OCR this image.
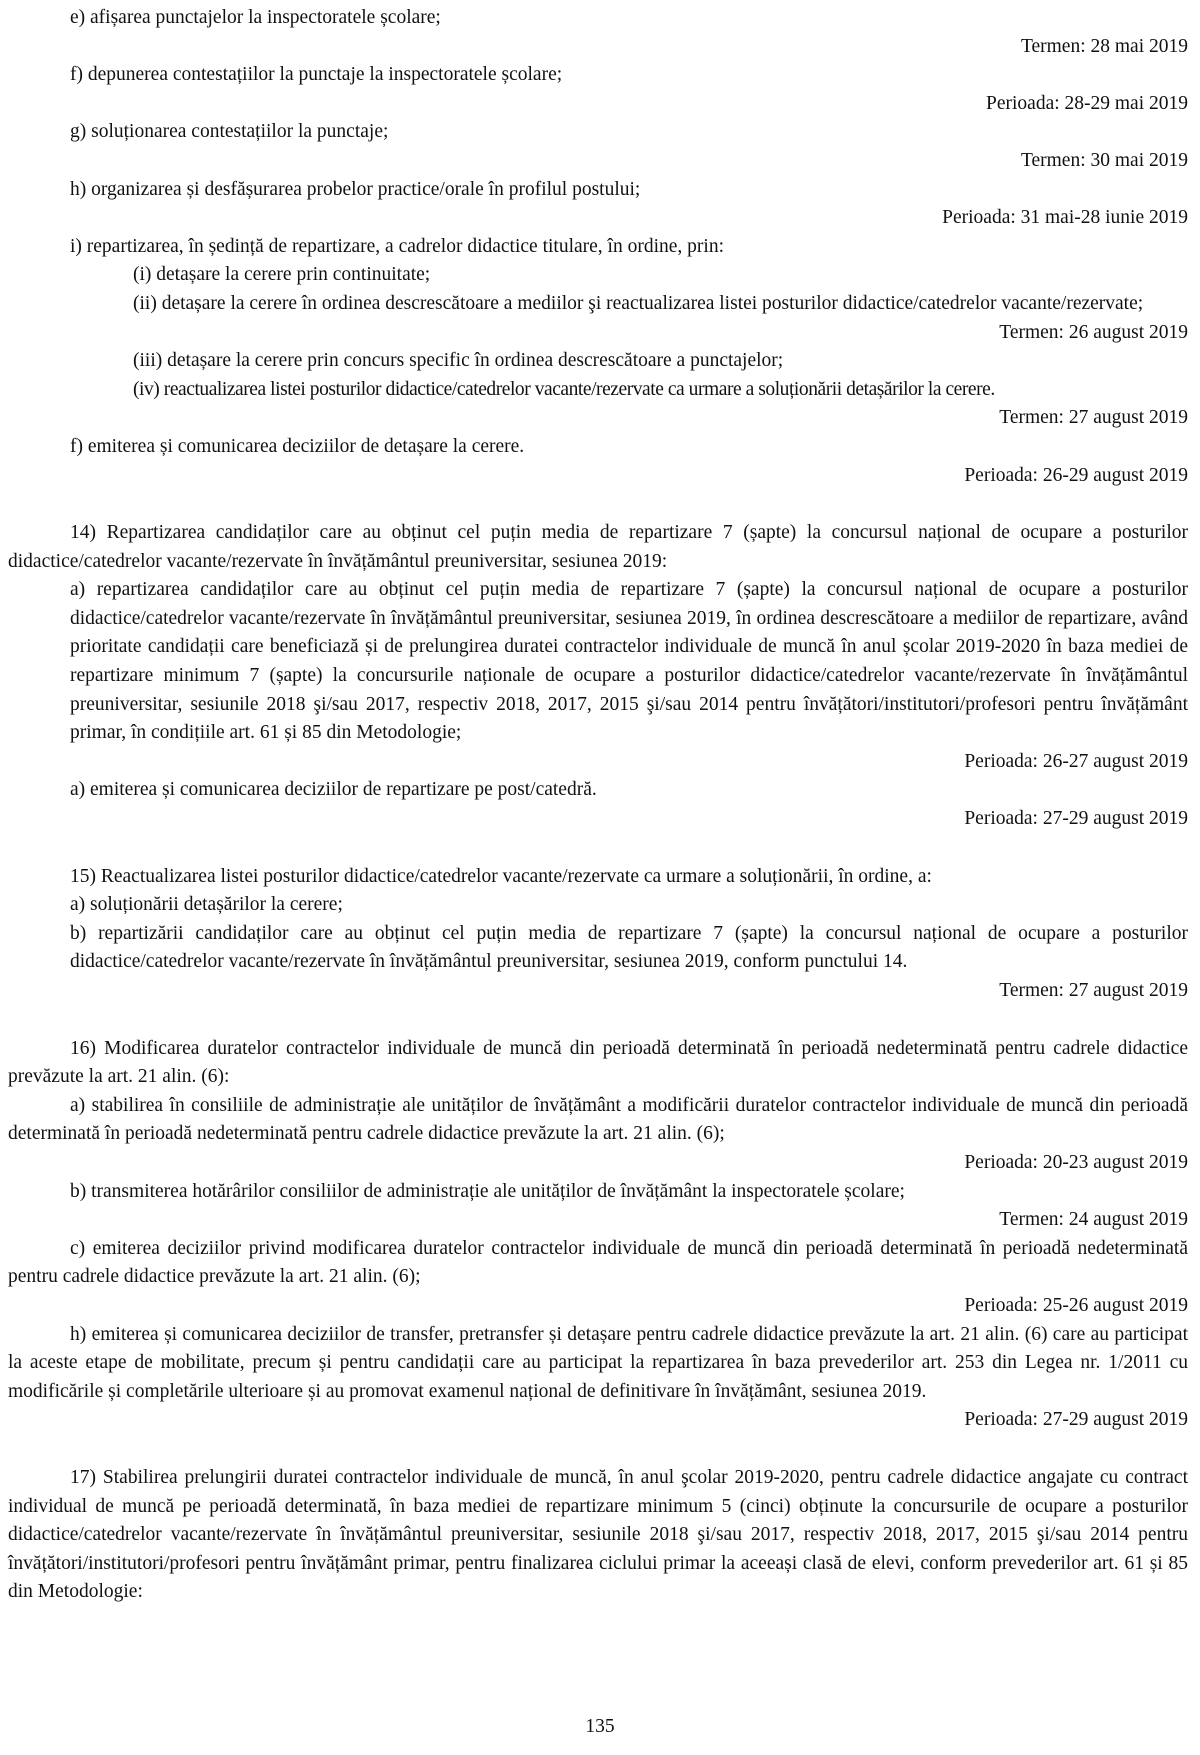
e) afișarea punctajelor la inspectoratele școlare;

Termen: 28 mai 2019

f) depunerea contestațiilor la punctaje la inspectoratele școlare;

Perioada: 28-29 mai 2019

g) soluționarea contestațiilor la punctaje;

Termen: 30 mai 2019

h) organizarea și desfășurarea probelor practice/orale în profilul postului;

Perioada: 31 mai-28 iunie 2019

i) repartizarea, în ședință de repartizare, a cadrelor didactice titulare, în ordine, prin:

(i) detașare la cerere prin continuitate;

(ii) detașare la cerere în ordinea descrescătoare a mediilor şi reactualizarea listei posturilor didactice/catedrelor vacante/rezervate;

Termen: 26 august 2019

(iii) detașare la cerere prin concurs specific în ordinea descrescătoare a punctajelor;

(iv) reactualizarea listei posturilor didactice/catedrelor vacante/rezervate ca urmare a soluționării detașărilor la cerere.

Termen: 27 august 2019

f) emiterea și comunicarea deciziilor de detașare la cerere.

Perioada: 26-29 august 2019

14) Repartizarea candidaților care au obținut cel puțin media de repartizare 7 (șapte) la concursul național de ocupare a posturilor didactice/catedrelor vacante/rezervate în învățământul preuniversitar, sesiunea 2019:

a) repartizarea candidaților care au obținut cel puțin media de repartizare 7 (șapte) la concursul național de ocupare a posturilor didactice/catedrelor vacante/rezervate în învățământul preuniversitar, sesiunea 2019, în ordinea descrescătoare a mediilor de repartizare, având prioritate candidații care beneficiază și de prelungirea duratei contractelor individuale de muncă în anul școlar 2019-2020 în baza mediei de repartizare minimum 7 (șapte) la concursurile naționale de ocupare a posturilor didactice/catedrelor vacante/rezervate în învățământul preuniversitar, sesiunile 2018 şi/sau 2017, respectiv 2018, 2017, 2015 şi/sau 2014 pentru învățători/institutori/profesori pentru învățământ primar, în condițiile art. 61 și 85 din Metodologie;

Perioada: 26-27 august 2019

a) emiterea și comunicarea deciziilor de repartizare pe post/catedră.

Perioada: 27-29 august 2019

15) Reactualizarea listei posturilor didactice/catedrelor vacante/rezervate ca urmare a soluționării, în ordine, a:

a) soluționării detașărilor la cerere;

b) repartizării candidaților care au obținut cel puțin media de repartizare 7 (șapte) la concursul național de ocupare a posturilor didactice/catedrelor vacante/rezervate în învățământul preuniversitar, sesiunea 2019, conform punctului 14.

Termen: 27 august 2019

16) Modificarea duratelor contractelor individuale de muncă din perioadă determinată în perioadă nedeterminată pentru cadrele didactice prevăzute la art. 21 alin. (6):

a) stabilirea în consiliile de administrație ale unităților de învățământ a modificării duratelor contractelor individuale de muncă din perioadă determinată în perioadă nedeterminată pentru cadrele didactice prevăzute la art. 21 alin. (6);

Perioada: 20-23 august 2019

b) transmiterea hotărârilor consiliilor de administrație ale unităților de învățământ la inspectoratele școlare;

Termen: 24 august 2019

c) emiterea deciziilor privind modificarea duratelor contractelor individuale de muncă din perioadă determinată în perioadă nedeterminată pentru cadrele didactice prevăzute la art. 21 alin. (6);

Perioada: 25-26 august 2019

h) emiterea și comunicarea deciziilor de transfer, pretransfer și detașare pentru cadrele didactice prevăzute la art. 21 alin. (6) care au participat la aceste etape de mobilitate, precum și pentru candidații care au participat la repartizarea în baza prevederilor art. 253 din Legea nr. 1/2011 cu modificările și completările ulterioare și au promovat examenul național de definitivare în învățământ, sesiunea 2019.

Perioada: 27-29 august 2019

17) Stabilirea prelungirii duratei contractelor individuale de muncă, în anul şcolar 2019-2020, pentru cadrele didactice angajate cu contract individual de muncă pe perioadă determinată, în baza mediei de repartizare minimum 5 (cinci) obținute la concursurile de ocupare a posturilor didactice/catedrelor vacante/rezervate în învățământul preuniversitar, sesiunile 2018 şi/sau 2017, respectiv 2018, 2017, 2015 şi/sau 2014 pentru învățători/institutori/profesori pentru învățământ primar, pentru finalizarea ciclului primar la aceeași clasă de elevi, conform prevederilor art. 61 și 85 din Metodologie:

135
